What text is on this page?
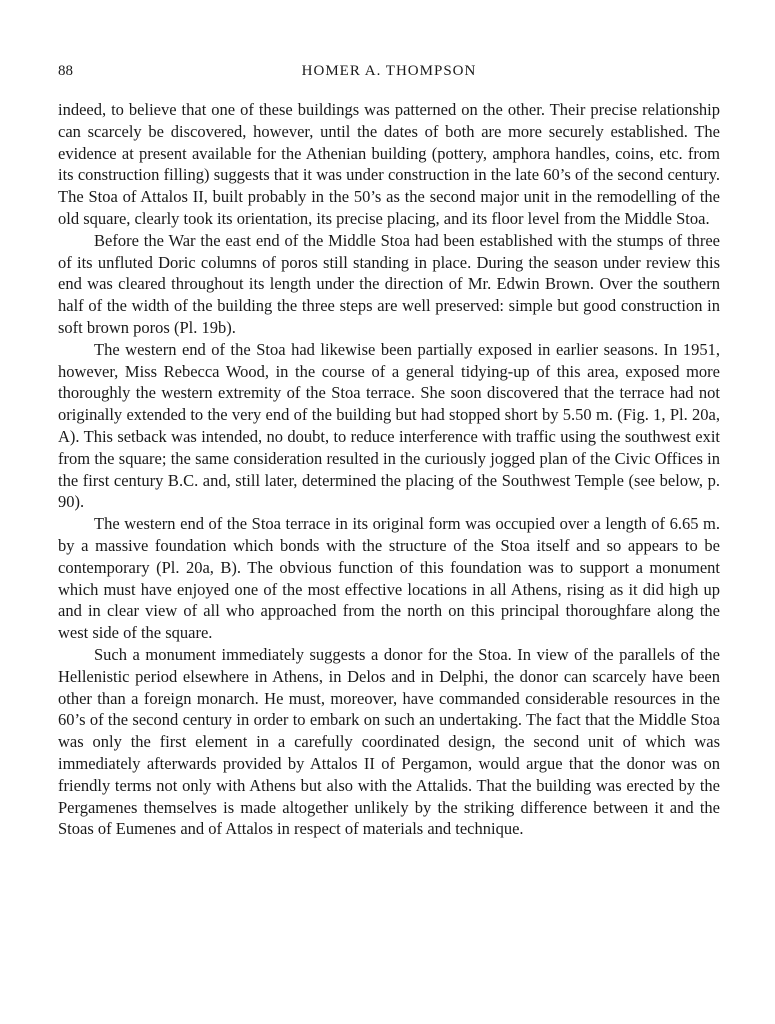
88	HOMER A. THOMPSON

indeed, to believe that one of these buildings was patterned on the other. Their precise relationship can scarcely be discovered, however, until the dates of both are more securely established. The evidence at present available for the Athenian building (pottery, amphora handles, coins, etc. from its construction filling) suggests that it was under construction in the late 60’s of the second century. The Stoa of Attalos II, built probably in the 50’s as the second major unit in the remodelling of the old square, clearly took its orientation, its precise placing, and its floor level from the Middle Stoa.

Before the War the east end of the Middle Stoa had been established with the stumps of three of its unfluted Doric columns of poros still standing in place. During the season under review this end was cleared throughout its length under the direction of Mr. Edwin Brown. Over the southern half of the width of the building the three steps are well preserved: simple but good construction in soft brown poros (Pl. 19b).

The western end of the Stoa had likewise been partially exposed in earlier seasons. In 1951, however, Miss Rebecca Wood, in the course of a general tidying-up of this area, exposed more thoroughly the western extremity of the Stoa terrace. She soon discovered that the terrace had not originally extended to the very end of the building but had stopped short by 5.50 m. (Fig. 1, Pl. 20a, A). This setback was intended, no doubt, to reduce interference with traffic using the southwest exit from the square; the same consideration resulted in the curiously jogged plan of the Civic Offices in the first century B.C. and, still later, determined the placing of the Southwest Temple (see below, p. 90).

The western end of the Stoa terrace in its original form was occupied over a length of 6.65 m. by a massive foundation which bonds with the structure of the Stoa itself and so appears to be contemporary (Pl. 20a, B). The obvious function of this foundation was to support a monument which must have enjoyed one of the most effective locations in all Athens, rising as it did high up and in clear view of all who approached from the north on this principal thoroughfare along the west side of the square.

Such a monument immediately suggests a donor for the Stoa. In view of the parallels of the Hellenistic period elsewhere in Athens, in Delos and in Delphi, the donor can scarcely have been other than a foreign monarch. He must, moreover, have commanded considerable resources in the 60’s of the second century in order to embark on such an undertaking. The fact that the Middle Stoa was only the first element in a carefully coordinated design, the second unit of which was immediately afterwards provided by Attalos II of Pergamon, would argue that the donor was on friendly terms not only with Athens but also with the Attalids. That the building was erected by the Pergamenes themselves is made altogether unlikely by the striking difference between it and the Stoas of Eumenes and of Attalos in respect of materials and technique.
